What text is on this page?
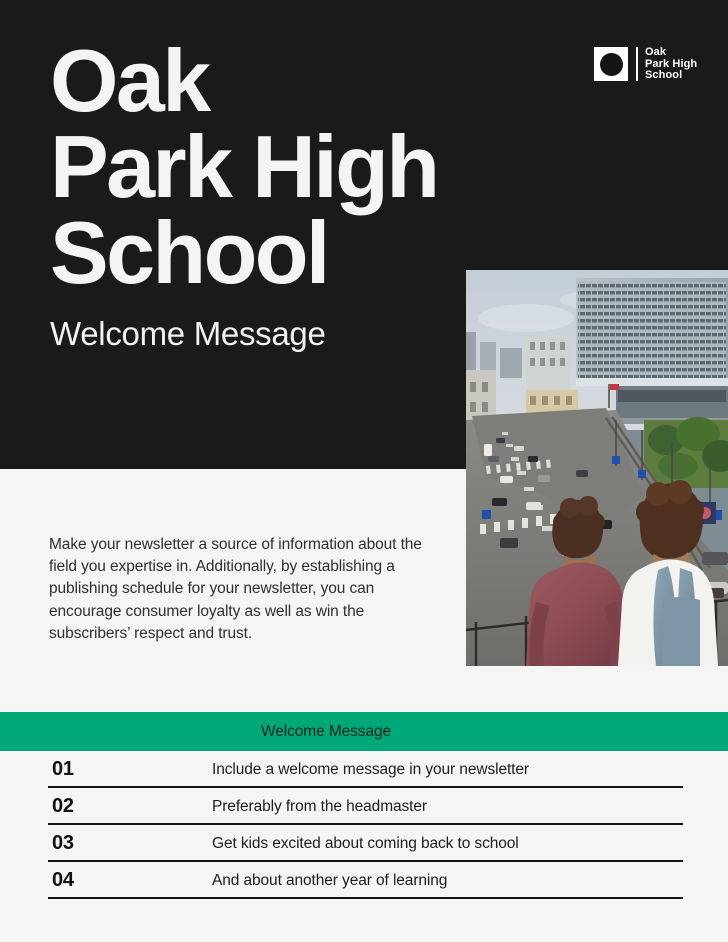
Oak
Park High
School
Oak
Park High
School
Welcome Message

Make your newsletter a source of information about the field you expertise in. Additionally, by establishing a publishing schedule for your newsletter, you can encourage consumer loyalty as well as win the subscribers’ respect and trust.

Welcome Message
01	Include a welcome message in your newsletter
02	Preferably from the headmaster
03	Get kids excited about coming back to school
04	And about another year of learning
